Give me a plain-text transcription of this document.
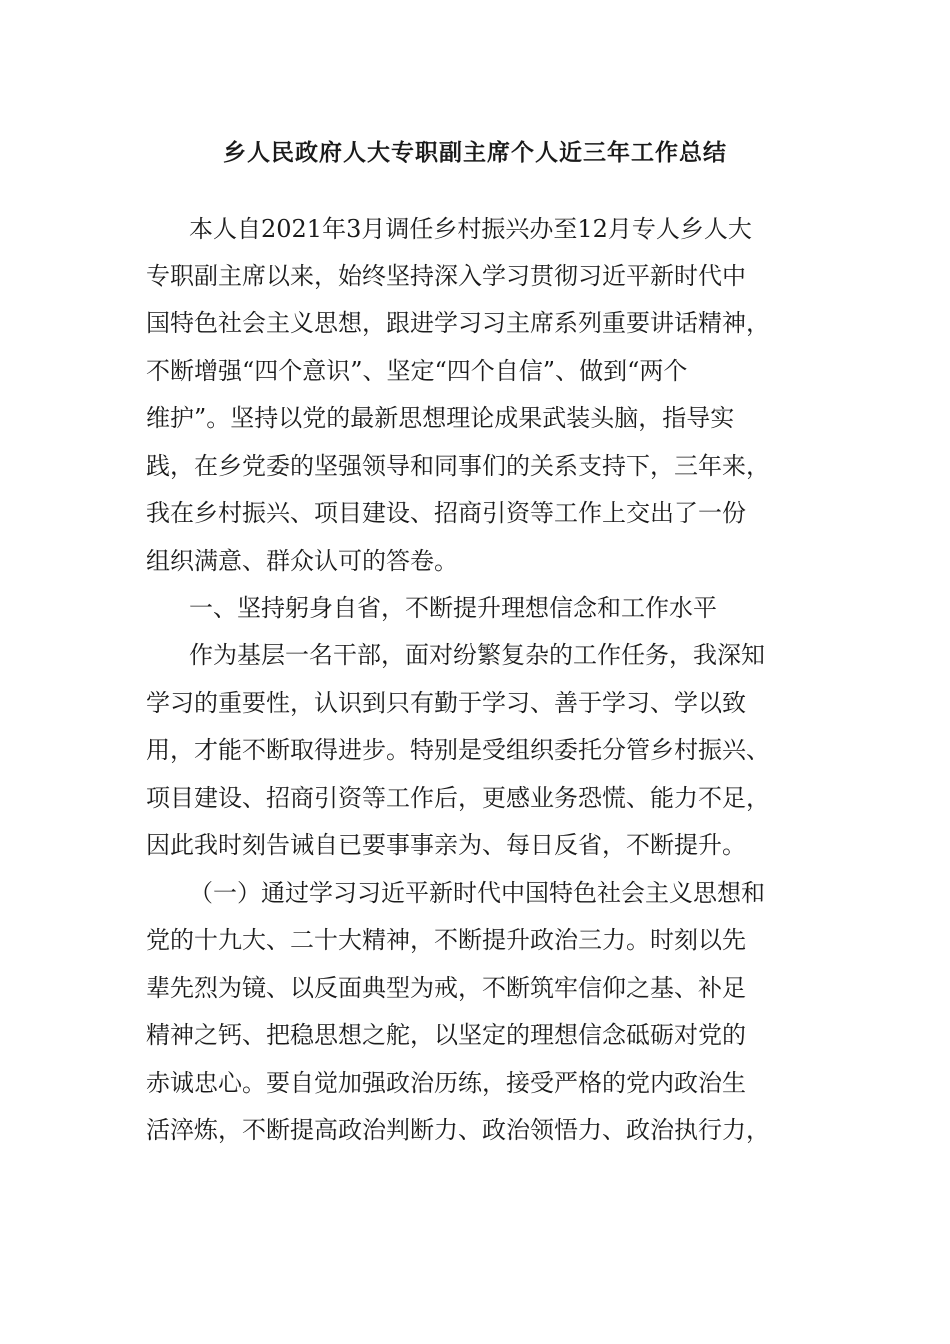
乡人民政府人大专职副主席个人近三年工作总结
本人自2021年3月调任乡村振兴办至12月专人乡人大
专职副主席以来，始终坚持深入学习贯彻习近平新时代中
国特色社会主义思想，跟进学习习主席系列重要讲话精神，
不断增强“四个意识”、坚定“四个自信”、做到“两个
维护”。坚持以党的最新思想理论成果武装头脑，指导实
践，在乡党委的坚强领导和同事们的关系支持下，三年来，
我在乡村振兴、项目建设、招商引资等工作上交出了一份
组织满意、群众认可的答卷。
一、坚持躬身自省，不断提升理想信念和工作水平
作为基层一名干部，面对纷繁复杂的工作任务，我深知
学习的重要性，认识到只有勤于学习、善于学习、学以致
用，才能不断取得进步。特别是受组织委托分管乡村振兴、
项目建设、招商引资等工作后，更感业务恐慌、能力不足，
因此我时刻告诫自已要事事亲为、每日反省，不断提升。
（一）通过学习习近平新时代中国特色社会主义思想和
党的十九大、二十大精神，不断提升政治三力。时刻以先
辈先烈为镜、以反面典型为戒，不断筑牢信仰之基、补足
精神之钙、把稳思想之舵，以坚定的理想信念砥砺对党的
赤诚忠心。要自觉加强政治历练，接受严格的党内政治生
活淬炼，不断提高政治判断力、政治领悟力、政治执行力，
